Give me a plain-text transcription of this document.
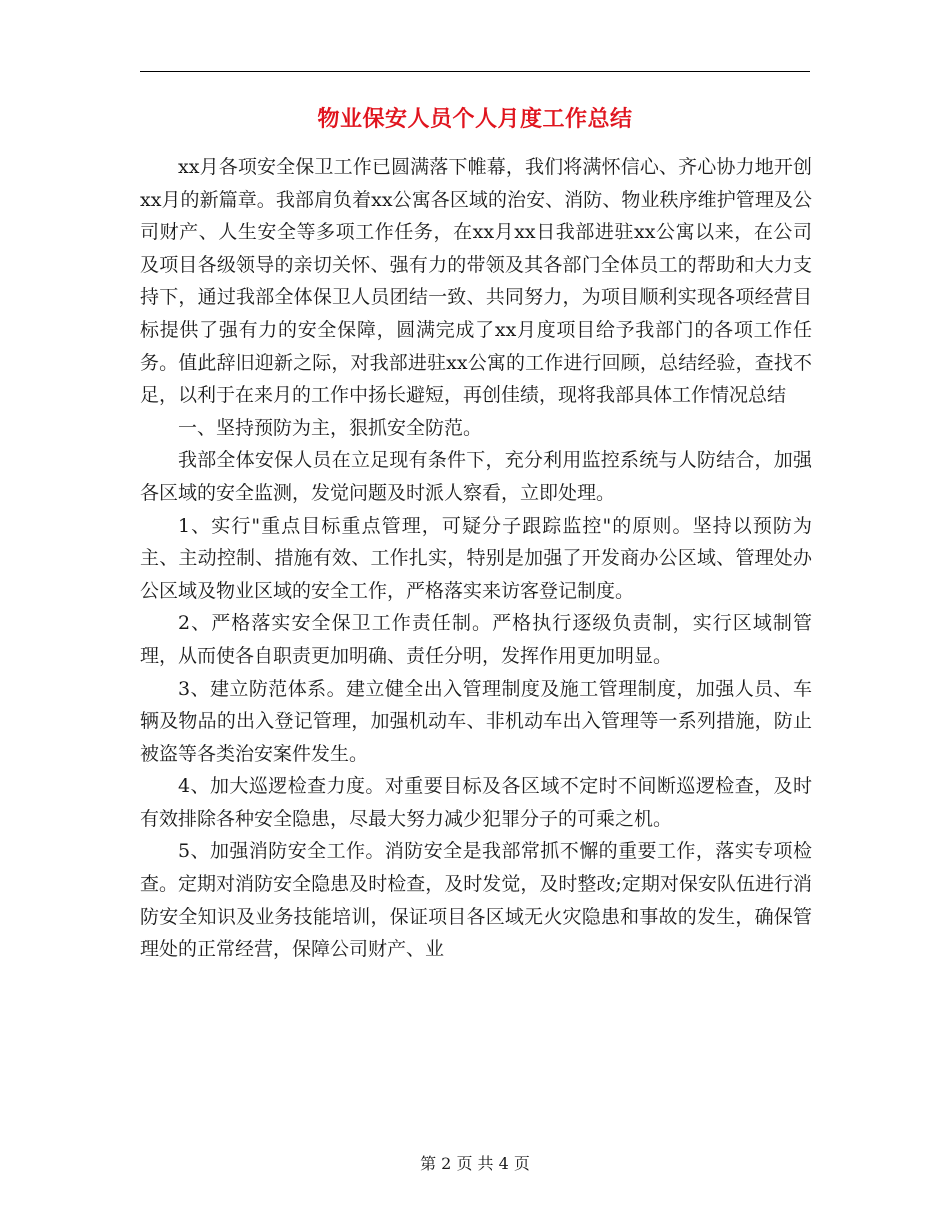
物业保安人员个人月度工作总结

xx月各项安全保卫工作已圆满落下帷幕，我们将满怀信心、齐心协力地开创xx月的新篇章。我部肩负着xx公寓各区域的治安、消防、物业秩序维护管理及公司财产、人生安全等多项工作任务，在xx月xx日我部进驻xx公寓以来，在公司及项目各级领导的亲切关怀、强有力的带领及其各部门全体员工的帮助和大力支持下，通过我部全体保卫人员团结一致、共同努力，为项目顺利实现各项经营目标提供了强有力的安全保障，圆满完成了xx月度项目给予我部门的各项工作任务。值此辞旧迎新之际，对我部进驻xx公寓的工作进行回顾，总结经验，查找不足，以利于在来月的工作中扬长避短，再创佳绩，现将我部具体工作情况总结

一、坚持预防为主，狠抓安全防范。

我部全体安保人员在立足现有条件下，充分利用监控系统与人防结合，加强各区域的安全监测，发觉问题及时派人察看，立即处理。

1、实行"重点目标重点管理，可疑分子跟踪监控"的原则。坚持以预防为主、主动控制、措施有效、工作扎实，特别是加强了开发商办公区域、管理处办公区域及物业区域的安全工作，严格落实来访客登记制度。

2、严格落实安全保卫工作责任制。严格执行逐级负责制，实行区域制管理，从而使各自职责更加明确、责任分明，发挥作用更加明显。

3、建立防范体系。建立健全出入管理制度及施工管理制度，加强人员、车辆及物品的出入登记管理，加强机动车、非机动车出入管理等一系列措施，防止被盗等各类治安案件发生。

4、加大巡逻检查力度。对重要目标及各区域不定时不间断巡逻检查，及时有效排除各种安全隐患，尽最大努力减少犯罪分子的可乘之机。

5、加强消防安全工作。消防安全是我部常抓不懈的重要工作，落实专项检查。定期对消防安全隐患及时检查，及时发觉，及时整改;定期对保安队伍进行消防安全知识及业务技能培训，保证项目各区域无火灾隐患和事故的发生，确保管理处的正常经营，保障公司财产、业

第 2 页 共 4 页
